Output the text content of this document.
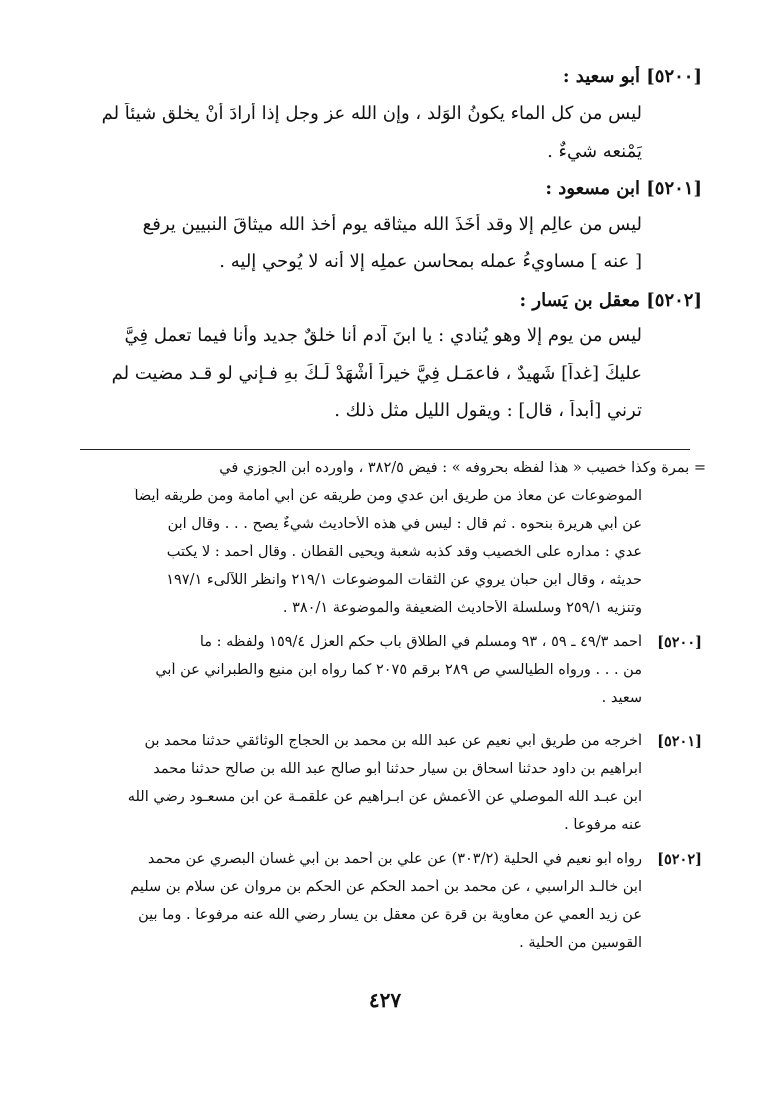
[٥٢٠٠] أبو سعيد :
ليس من كل الماء يكونُ الوَلد ، وإن الله عز وجل إذا أرادَ أنْ يخلق شيئاً لم
يَمْنعه شيءٌ .
[٥٢٠١] ابن مسعود :
ليس من عالِمٍ إلا وقد أَخَذَ الله ميثاقه يوم أخذ الله ميثاقَ النبيين يرفع
[ عنه ] مساويءُ عمله بمحاسن عملِه إلا أنه لا يُوحي إليه .
[٥٢٠٢] معقل بن يَسار :
ليس من يوم إلا وهو يُنادي : يا ابنَ آدم أنا خلقٌ جديد وأنا فيما تعمل فِيَّ
عليكَ [غداً] شَهيدٌ ، فاعمَـل فِيَّ خيراً أشْهَدْ لَـكَ بهِ فـإني لو قـد مضيت لم
ترني [أبداً ، قال] : ويقول الليل مثل ذلك .
= بمرة وكذا خصيب « هذا لفظه بحروفه » : فيض ٣٨٢/٥ ، وأورده ابن الجوزي في
الموضوعات عن معاذ من طريق ابن عدي ومن طريقه عن أبي أمامة ومن طريقه أيضاً
عن أبي هريرة بنحوه . ثم قال : ليس في هذه الأحاديث شيءٌ يصح . . . وقال ابن
عدي : مداره على الخصيب وقد كذبه شعبة ويحيى القطان . وقال أحمد : لا يكتب
حديثه ، وقال ابن حبان يروي عن الثقات الموضوعات ٢١٩/١ وانظر اللآلىء ١٩٧/١
وتنزيه ٢٥٩/١ وسلسلة الأحاديث الضعيفة والموضوعة ٣٨٠/١ .
[٥٢٠٠]
أحمد ٤٩/٣ ـ ٥٩ ، ٩٣ ومسلم في الطلاق باب حكم العزل ١٥٩/٤ ولفظه : ما
من . . . ورواه الطيالسي ص ٢٨٩ برقم ٢٠٧٥ كما رواه ابن منيع والطبراني عن أبي
سعيد .
[٥٢٠١]
أخرجه من طريق أبي نعيم عن عبد الله بن محمد بن الحجاج الوثائقي حدثنا محمد بن
ابراهيم بن داود حدثنا اسحاق بن سيار حدثنا أبو صالح عبد الله بن صالح حدثنا محمد
ابن عبـد الله الموصلي عن الأعمش عن ابـراهيم عن علقمـة عن ابن مسعـود رضي الله
عنه مرفوعاً .
[٥٢٠٢]
رواه أبو نعيم في الحلية (٣٠٣/٢) عن علي بن أحمد بن أبي غسان البصري عن محمد
ابن خالـد الراسبي ، عن محمد بن أحمد الحكم عن الحكم بن مروان عن سلام بن سليم
عن زيد العمي عن معاوية بن قرة عن معقل بن يسار رضي الله عنه مرفوعاً . وما بين
القوسين من الحلية .
٤٢٧
